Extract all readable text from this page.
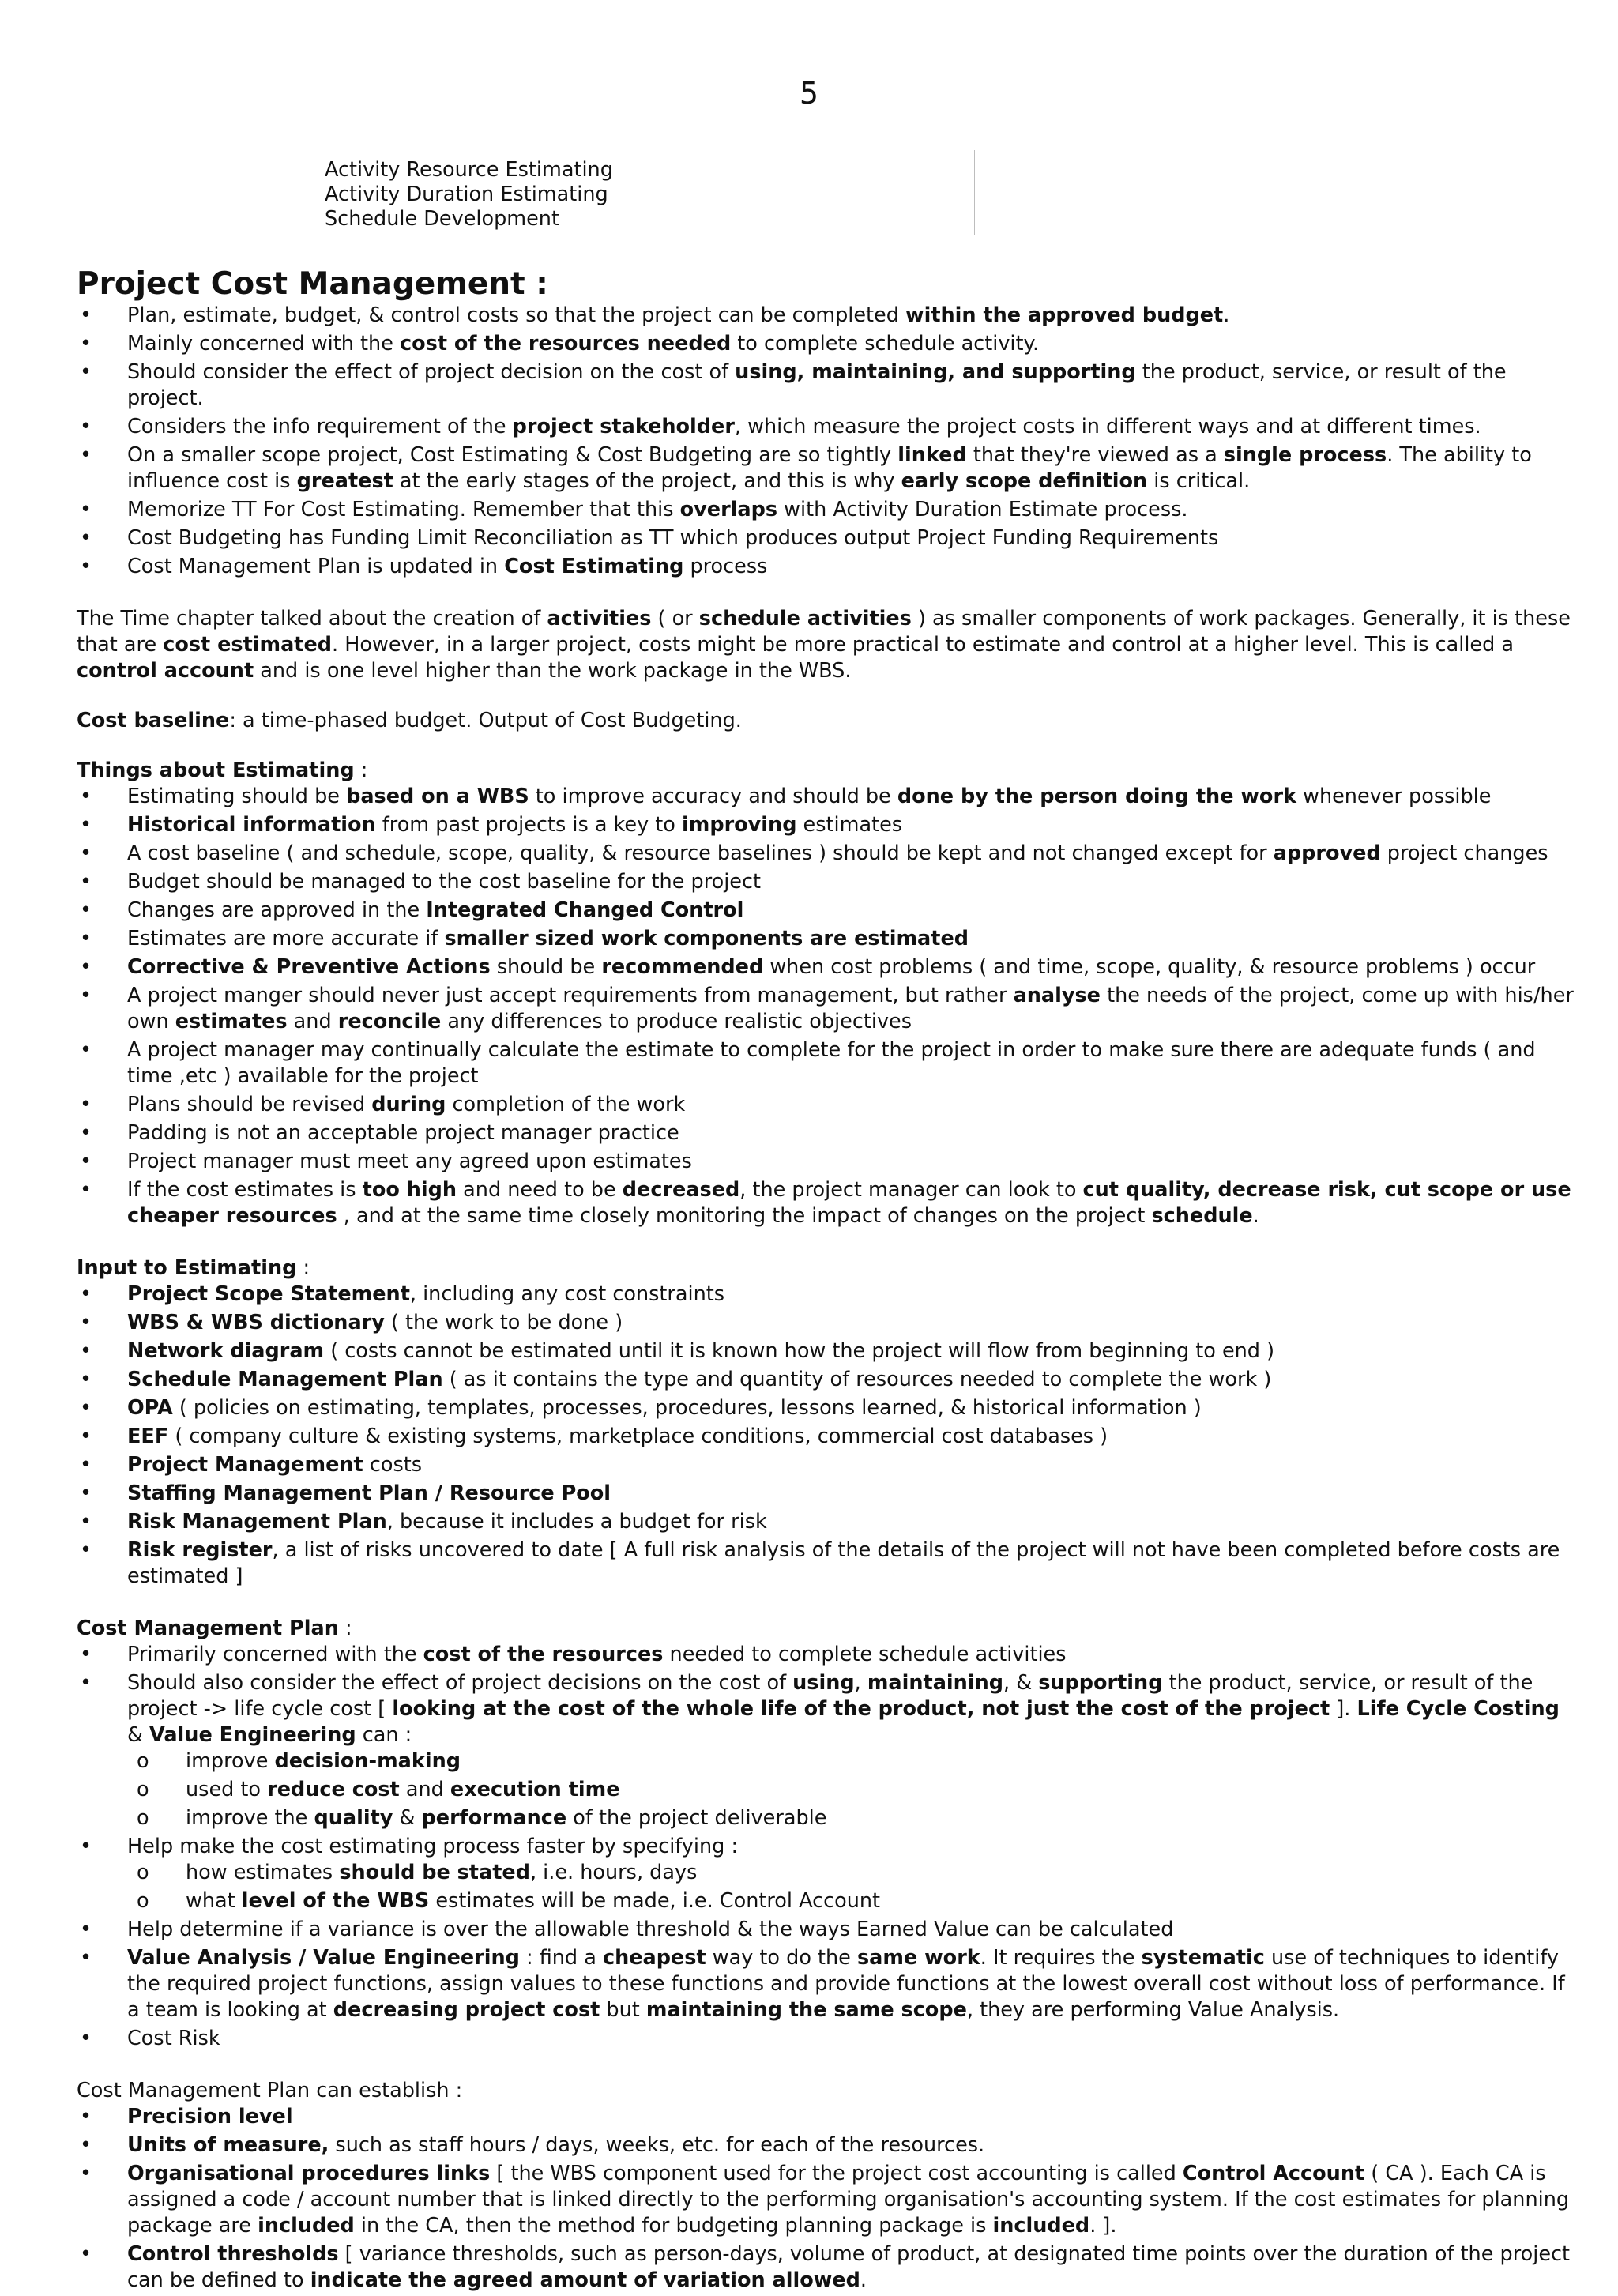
5

Activity Resource Estimating
Activity Duration Estimating
Schedule Development

Project Cost Management :
• Plan, estimate, budget, & control costs so that the project can be completed within the approved budget.
• Mainly concerned with the cost of the resources needed to complete schedule activity.
• Should consider the effect of project decision on the cost of using, maintaining, and supporting the product, service, or result of the project.
• Considers the info requirement of the project stakeholder, which measure the project costs in different ways and at different times.
• On a smaller scope project, Cost Estimating & Cost Budgeting are so tightly linked that they're viewed as a single process. The ability to influence cost is greatest at the early stages of the project, and this is why early scope definition is critical.
• Memorize TT For Cost Estimating. Remember that this overlaps with Activity Duration Estimate process.
• Cost Budgeting has Funding Limit Reconciliation as TT which produces output Project Funding Requirements
• Cost Management Plan is updated in Cost Estimating process

The Time chapter talked about the creation of activities ( or schedule activities ) as smaller components of work packages. Generally, it is these that are cost estimated. However, in a larger project, costs might be more practical to estimate and control at a higher level. This is called a control account and is one level higher than the work package in the WBS.

Cost baseline: a time-phased budget. Output of Cost Budgeting.

Things about Estimating :

• Estimating should be based on a WBS to improve accuracy and should be done by the person doing the work whenever possible
• Historical information from past projects is a key to improving estimates
• A cost baseline ( and schedule, scope, quality, & resource baselines ) should be kept and not changed except for approved project changes
• Budget should be managed to the cost baseline for the project
• Changes are approved in the Integrated Changed Control
• Estimates are more accurate if smaller sized work components are estimated
• Corrective & Preventive Actions should be recommended when cost problems ( and time, scope, quality, & resource problems ) occur
• A project manger should never just accept requirements from management, but rather analyse the needs of the project, come up with his/her own estimates and reconcile any differences to produce realistic objectives
• A project manager may continually calculate the estimate to complete for the project in order to make sure there are adequate funds ( and time ,etc ) available for the project
• Plans should be revised during completion of the work
• Padding is not an acceptable project manager practice
• Project manager must meet any agreed upon estimates
• If the cost estimates is too high and need to be decreased, the project manager can look to cut quality, decrease risk, cut scope or use cheaper resources , and at the same time closely monitoring the impact of changes on the project schedule.

Input to Estimating :

• Project Scope Statement, including any cost constraints
• WBS & WBS dictionary ( the work to be done )
• Network diagram ( costs cannot be estimated until it is known how the project will flow from beginning to end )
• Schedule Management Plan ( as it contains the type and quantity of resources needed to complete the work )
• OPA ( policies on estimating, templates, processes, procedures, lessons learned, & historical information )
• EEF ( company culture & existing systems, marketplace conditions, commercial cost databases )
• Project Management costs
• Staffing Management Plan / Resource Pool
• Risk Management Plan, because it includes a budget for risk
• Risk register, a list of risks uncovered to date [ A full risk analysis of the details of the project will not have been completed before costs are estimated ]

Cost Management Plan :

• Primarily concerned with the cost of the resources needed to complete schedule activities
• Should also consider the effect of project decisions on the cost of using, maintaining, & supporting the product, service, or result of the project -> life cycle cost [ looking at the cost of the whole life of the product, not just the cost of the project ]. Life Cycle Costing & Value Engineering can :
o improve decision-making
o used to reduce cost and execution time
o improve the quality & performance of the project deliverable
• Help make the cost estimating process faster by specifying :
o how estimates should be stated, i.e. hours, days
o what level of the WBS estimates will be made, i.e. Control Account
• Help determine if a variance is over the allowable threshold & the ways Earned Value can be calculated
• Value Analysis / Value Engineering : find a cheapest way to do the same work. It requires the systematic use of techniques to identify the required project functions, assign values to these functions and provide functions at the lowest overall cost without loss of performance. If a team is looking at decreasing project cost but maintaining the same scope, they are performing Value Analysis.
• Cost Risk

Cost Management Plan can establish :

• Precision level
• Units of measure, such as staff hours / days, weeks, etc. for each of the resources.
• Organisational procedures links [ the WBS component used for the project cost accounting is called Control Account ( CA ). Each CA is assigned a code / account number that is linked directly to the performing organisation's accounting system. If the cost estimates for planning package are included in the CA, then the method for budgeting planning package is included. ].
• Control thresholds [ variance thresholds, such as person-days, volume of product, at designated time points over the duration of the project can be defined to indicate the agreed amount of variation allowed.
